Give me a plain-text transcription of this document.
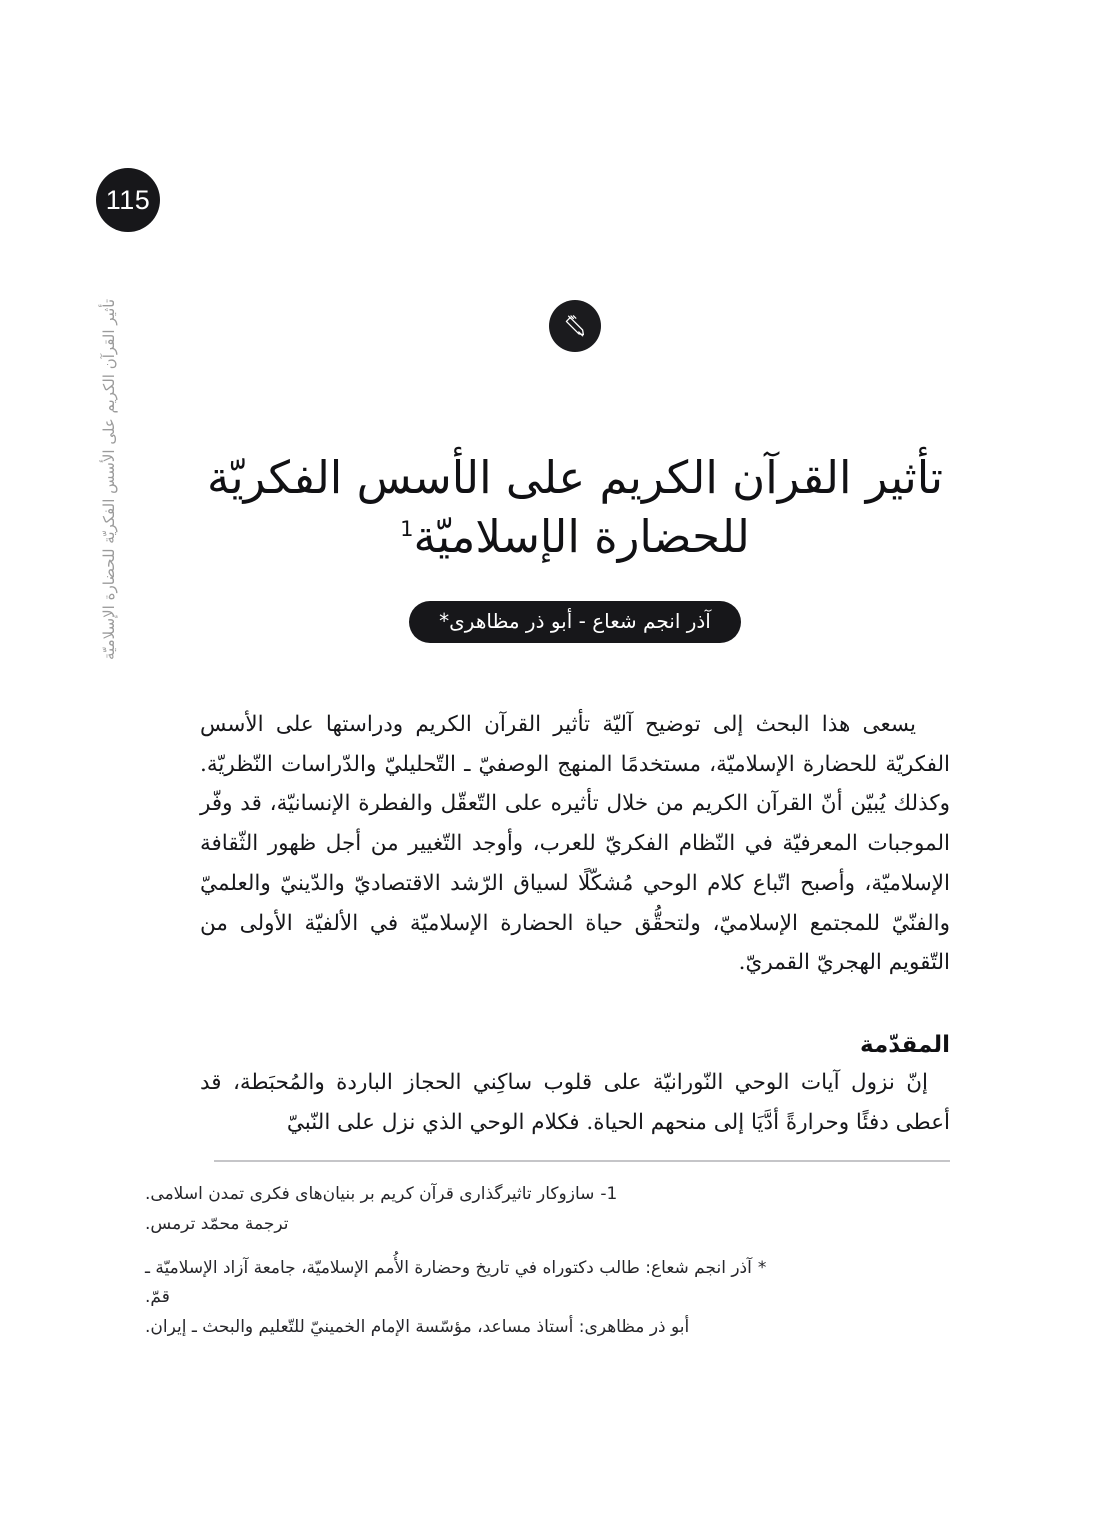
115
تأثير القرآن الكريم على الأسس الفكريّة للحضارة الإسلاميّة تأثير القرآن الكريم على الأسس الفكريّة للحضارة الإسلاميّة$^1$
آذر انجم شعاع - أبو ذر مظاهری*

يسعى هذا البحث إلى توضيح آليّة تأثير القرآن الكريم ودراستها على الأسس الفكريّة للحضارة الإسلاميّة، مستخدمًا المنهج الوصفيّ ـ التّحليليّ والدّراسات النّظريّة. وكذلك يُبيّن أنّ القرآن الكريم من خلال تأثيره على التّعقّل والفطرة الإنسانيّة، قد وفّر الموجبات المعرفيّة في النّظام الفكريّ للعرب، وأوجد التّغيير من أجل ظهور الثّقافة الإسلاميّة، وأصبح اتّباع كلام الوحي مُشكّلًا لسياق الرّشد الاقتصاديّ والدّينيّ والعلميّ والفنّيّ للمجتمع الإسلاميّ، ولتحقُّق حياة الحضارة الإسلاميّة في الألفيّة الأولى من التّقويم الهجريّ القمريّ.

المقدّمة

إنّ نزول آيات الوحي النّورانيّة على قلوب ساكِني الحجاز الباردة والمُحبَطة، قد أعطى دفئًا وحرارةً أدَّيَا إلى منحهم الحياة. فكلام الوحي الذي نزل على النّبيّ

1-سازوکار تاثیرگذاری قرآن کریم بر بنیان‌های فکری تمدن اسلامی.
ترجمة محمّد ترمس.
*آذر انجم شعاع: طالب دكتوراه في تاريخ وحضارة الأُمم الإسلاميّة، جامعة آزاد الإسلاميّة ـ
قمّ.
أبو ذر مظاهری: أستاذ مساعد، مؤسّسة الإمام الخمينيّ للتّعليم والبحث ـ إيران.
